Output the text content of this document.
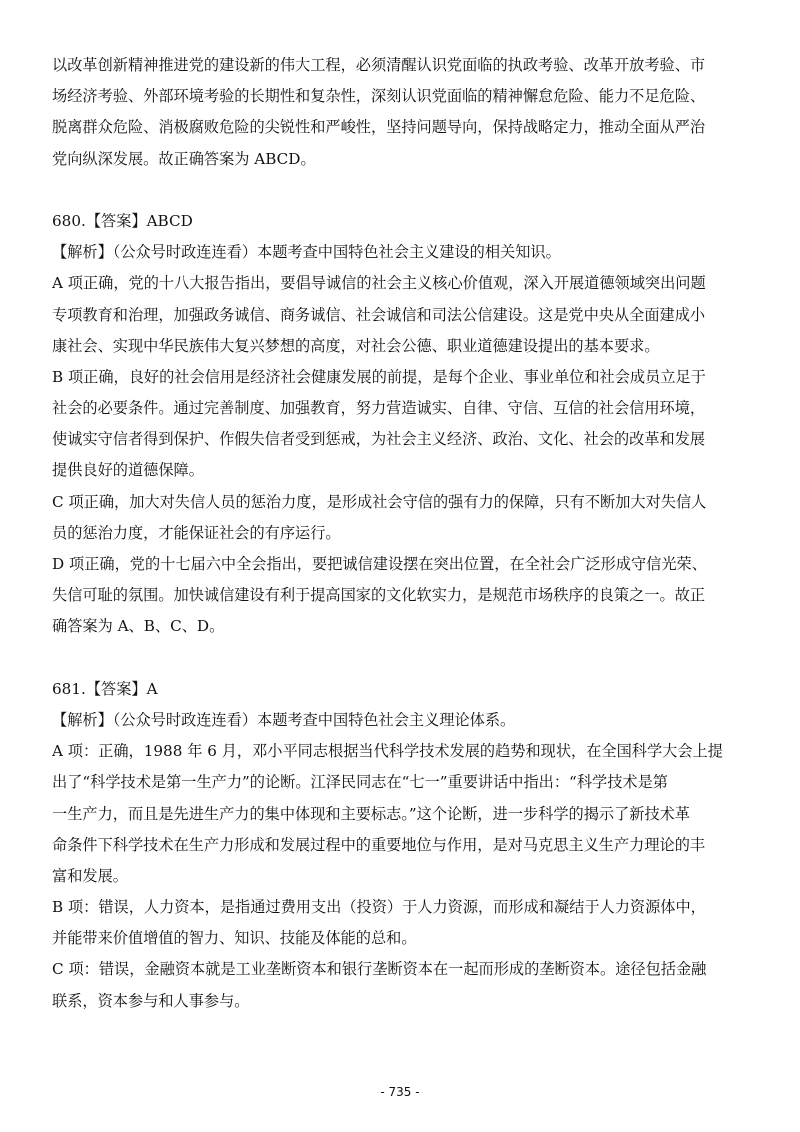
以改革创新精神推进党的建设新的伟大工程，必须清醒认识党面临的执政考验、改革开放考验、市
场经济考验、外部环境考验的长期性和复杂性，深刻认识党面临的精神懈怠危险、能力不足危险、
脱离群众危险、消极腐败危险的尖锐性和严峻性，坚持问题导向，保持战略定力，推动全面从严治
党向纵深发展。故正确答案为 ABCD。
680.【答案】ABCD
【解析】（公众号时政连连看）本题考查中国特色社会主义建设的相关知识。
A 项正确，党的十八大报告指出，要倡导诚信的社会主义核心价值观，深入开展道德领域突出问题
专项教育和治理，加强政务诚信、商务诚信、社会诚信和司法公信建设。这是党中央从全面建成小
康社会、实现中华民族伟大复兴梦想的高度，对社会公德、职业道德建设提出的基本要求。
B 项正确，良好的社会信用是经济社会健康发展的前提，是每个企业、事业单位和社会成员立足于
社会的必要条件。通过完善制度、加强教育，努力营造诚实、自律、守信、互信的社会信用环境，
使诚实守信者得到保护、作假失信者受到惩戒，为社会主义经济、政治、文化、社会的改革和发展
提供良好的道德保障。
C 项正确，加大对失信人员的惩治力度，是形成社会守信的强有力的保障，只有不断加大对失信人
员的惩治力度，才能保证社会的有序运行。
D 项正确，党的十七届六中全会指出，要把诚信建设摆在突出位置，在全社会广泛形成守信光荣、
失信可耻的氛围。加快诚信建设有利于提高国家的文化软实力，是规范市场秩序的良策之一。故正
确答案为 A、B、C、D。
681.【答案】A
【解析】（公众号时政连连看）本题考查中国特色社会主义理论体系。
A 项：正确，1988 年 6 月，邓小平同志根据当代科学技术发展的趋势和现状，在全国科学大会上提
出了“科学技术是第一生产力”的论断。江泽民同志在“七一”重要讲话中指出：“科学技术是第
一生产力，而且是先进生产力的集中体现和主要标志。”这个论断，进一步科学的揭示了新技术革
命条件下科学技术在生产力形成和发展过程中的重要地位与作用，是对马克思主义生产力理论的丰
富和发展。
B 项：错误，人力资本，是指通过费用支出（投资）于人力资源，而形成和凝结于人力资源体中，
并能带来价值增值的智力、知识、技能及体能的总和。
C 项：错误，金融资本就是工业垄断资本和银行垄断资本在一起而形成的垄断资本。途径包括金融
联系，资本参与和人事参与。
- 735 -
